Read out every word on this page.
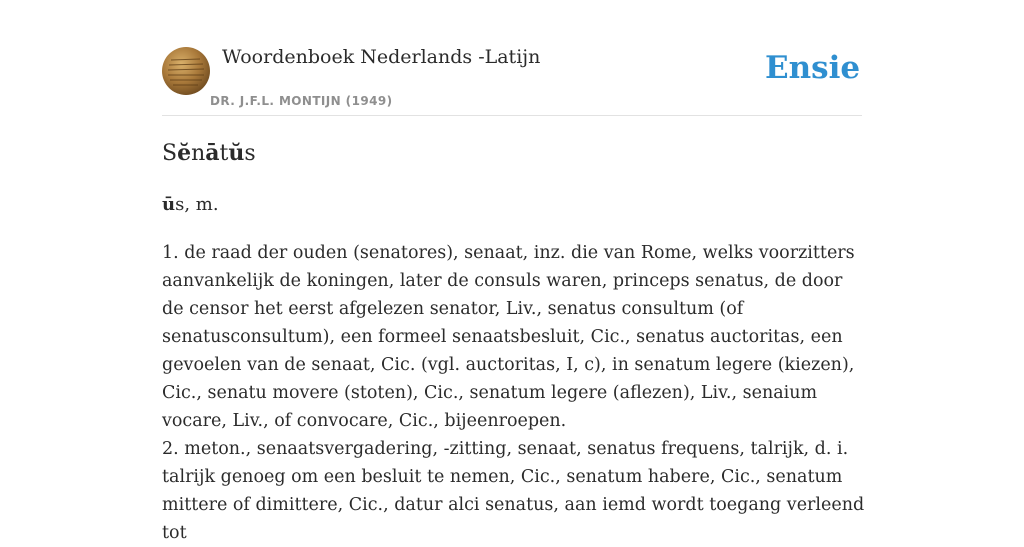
Woordenboek Nederlands -Latijn
DR. J.F.L. MONTIJN (1949)
Ensie
Sĕnātŭs
ūs, m.

1. de raad der ouden (senatores), senaat, inz. die van Rome, welks voorzitters aanvankelijk de koningen, later de consuls waren, princeps senatus, de door de censor het eerst afgelezen senator, Liv., senatus consultum (of senatusconsultum), een formeel senaatsbesluit, Cic., senatus auctoritas, een gevoelen van de senaat, Cic. (vgl. auctoritas, I, c), in senatum legere (kiezen), Cic., senatu movere (stoten), Cic., senatum legere (aflezen), Liv., senaium vocare, Liv., of convocare, Cic., bijeenroepen.

2. meton., senaatsvergadering, -zitting, senaat, senatus frequens, talrijk, d. i. talrijk genoeg om een besluit te nemen, Cic., senatum habere, Cic., senatum mittere of dimittere, Cic., datur alci senatus, aan iemd wordt toegang verleend tot
